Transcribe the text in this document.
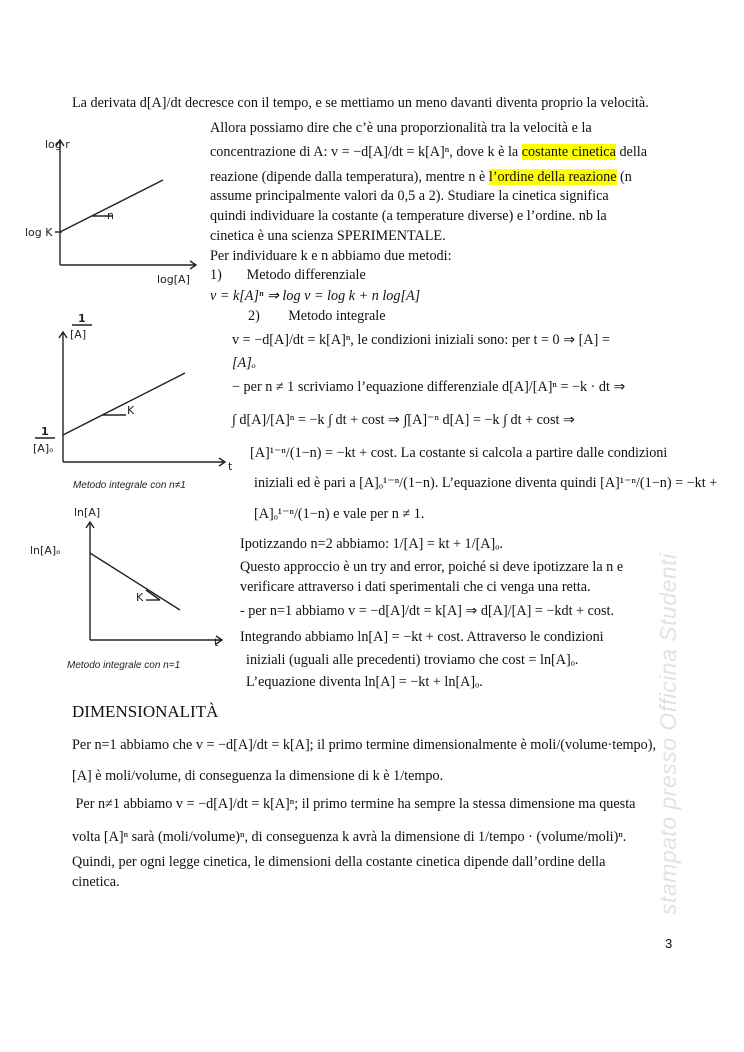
La derivata d[A]/dt decresce con il tempo, e se mettiamo un meno davanti diventa proprio la velocità.
Allora possiamo dire che c’è una proporzionalità tra la velocità e la
concentrazione di A: v = −d[A]/dt = k[A]ⁿ, dove k è la costante cinetica della
reazione (dipende dalla temperatura), mentre n è l’ordine della reazione (n
assume principalmente valori da 0,5 a 2). Studiare la cinetica significa
quindi individuare la costante (a temperature diverse) e l’ordine. nb la
cinetica è una scienza SPERIMENTALE.
Per individuare k e n abbiamo due metodi:
1)       Metodo differenziale
v = k[A]ⁿ ⇒ log v = log k + n log[A]
2)        Metodo integrale
v = −d[A]/dt = k[A]ⁿ, le condizioni iniziali sono: per t = 0 ⇒ [A] =
[A]ₒ
− per n ≠ 1 scriviamo l’equazione differenziale d[A]/[A]ⁿ = −k · dt ⇒
∫ d[A]/[A]ⁿ = −k ∫ dt + cost ⇒ ∫[A]⁻ⁿ d[A] = −k ∫ dt + cost ⇒
[A]¹⁻ⁿ/(1−n) = −kt + cost. La costante si calcola a partire dalle condizioni
iniziali ed è pari a [A]ₒ¹⁻ⁿ/(1−n). L’equazione diventa quindi [A]¹⁻ⁿ/(1−n) = −kt +
[A]ₒ¹⁻ⁿ/(1−n) e vale per n ≠ 1.
Ipotizzando n=2 abbiamo: 1/[A] = kt + 1/[A]ₒ.
Questo approccio è un try and error, poiché si deve ipotizzare la n e
verificare attraverso i dati sperimentali che ci venga una retta.
- per n=1 abbiamo v = −d[A]/dt = k[A] ⇒ d[A]/[A] = −kdt + cost.
Integrando abbiamo ln[A] = −kt + cost. Attraverso le condizioni
iniziali (uguali alle precedenti) troviamo che cost = ln[A]ₒ.
L’equazione diventa ln[A] = −kt + ln[A]ₒ.
log r
log K
log[A]
n
1
[A]
1
[A]ₒ
t
K
ln[A]
ln[A]ₒ
t
K
Metodo integrale con n≠1
Metodo integrale con n=1
DIMENSIONALITÀ
Per n=1 abbiamo che v = −d[A]/dt = k[A]; il primo termine dimensionalmente è moli/(volume·tempo),
[A] è moli/volume, di conseguenza la dimensione di k è 1/tempo.
Per n≠1 abbiamo v = −d[A]/dt = k[A]ⁿ; il primo termine ha sempre la stessa dimensione ma questa
volta [A]ⁿ sarà (moli/volume)ⁿ, di conseguenza k avrà la dimensione di 1/tempo · (volume/moli)ⁿ.
Quindi, per ogni legge cinetica, le dimensioni della costante cinetica dipende dall’ordine della
cinetica.	stampato presso Officina Studenti
3
